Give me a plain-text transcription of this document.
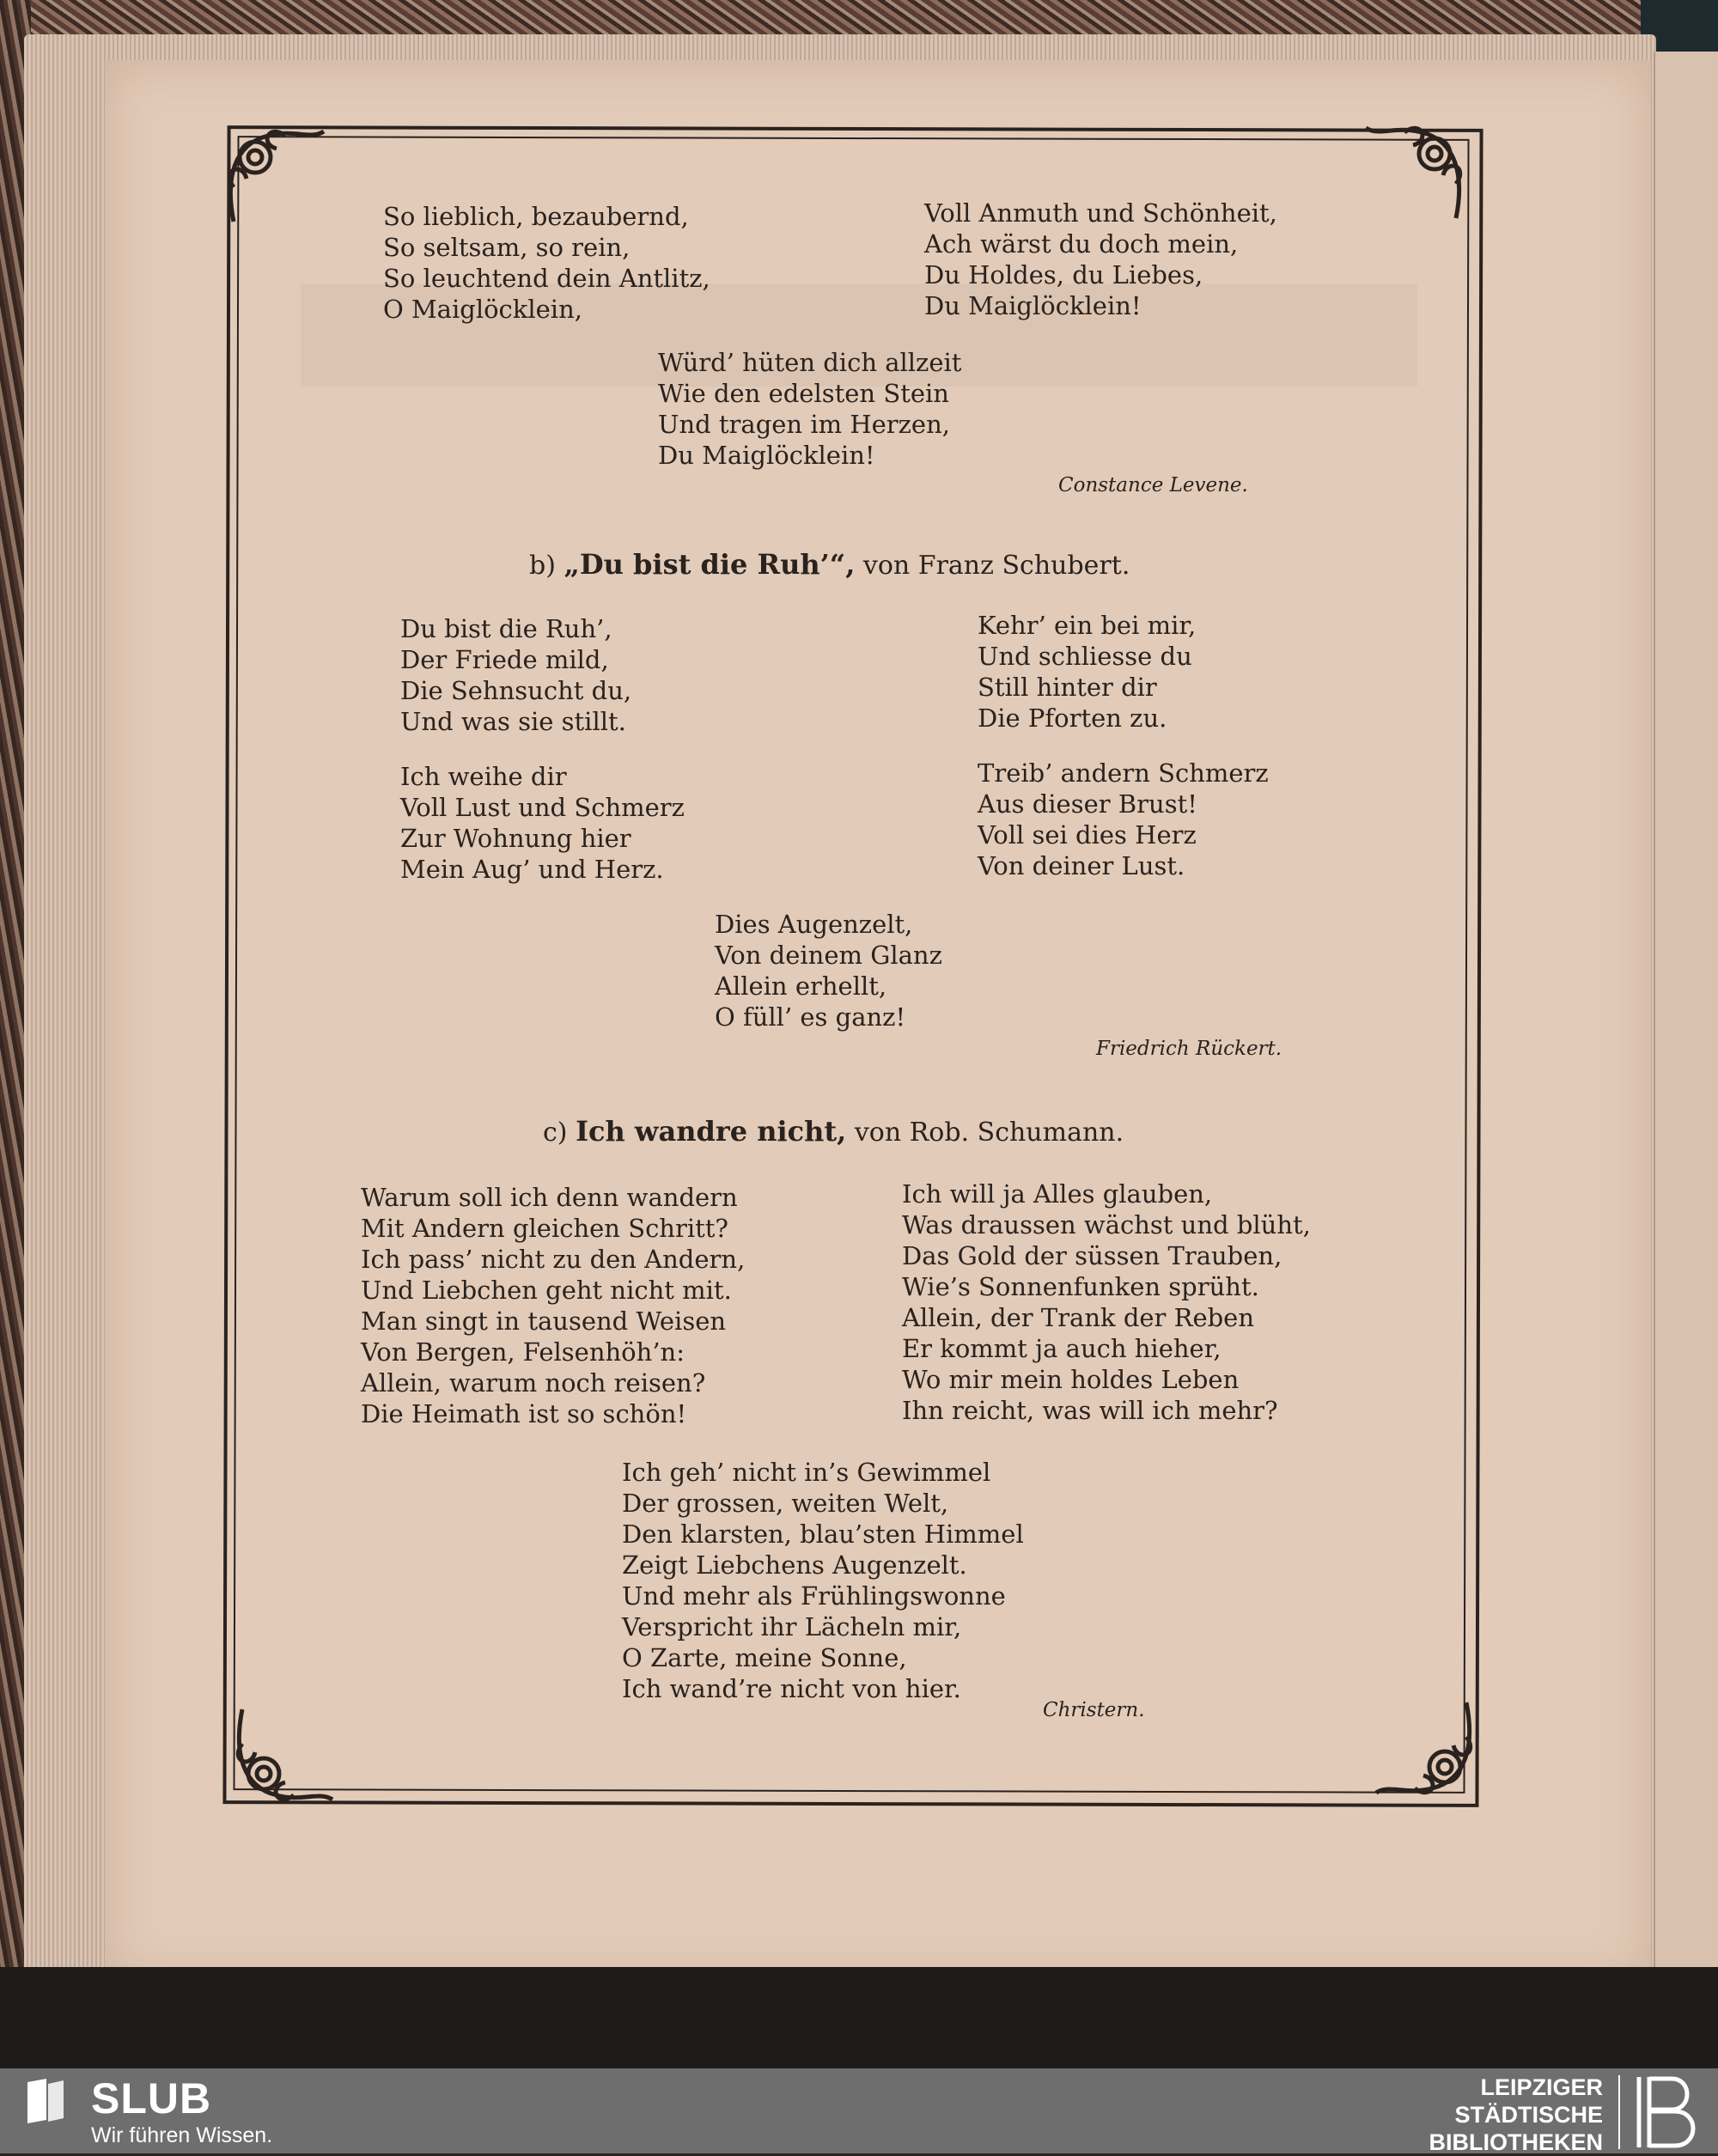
So lieblich, bezaubernd,
So seltsam, so rein,
So leuchtend dein Antlitz,
O Maiglöcklein,
Voll Anmuth und Schönheit,
Ach wärst du doch mein,
Du Holdes, du Liebes,
Du Maiglöcklein!
Würd’ hüten dich allzeit
Wie den edelsten Stein
Und tragen im Herzen,
Du Maiglöcklein!
Constance Levene.
b) „Du bist die Ruh’“, von Franz Schubert.
Du bist die Ruh’,
Der Friede mild,
Die Sehnsucht du,
Und was sie stillt.
Kehr’ ein bei mir,
Und schliesse du
Still hinter dir
Die Pforten zu.
Ich weihe dir
Voll Lust und Schmerz
Zur Wohnung hier
Mein Aug’ und Herz.
Treib’ andern Schmerz
Aus dieser Brust!
Voll sei dies Herz
Von deiner Lust.
Dies Augenzelt,
Von deinem Glanz
Allein erhellt,
O füll’ es ganz!
Friedrich Rückert.
c) Ich wandre nicht, von Rob. Schumann.
Warum soll ich denn wandern
Mit Andern gleichen Schritt?
Ich pass’ nicht zu den Andern,
Und Liebchen geht nicht mit.
Man singt in tausend Weisen
Von Bergen, Felsenhöh’n:
Allein, warum noch reisen?
Die Heimath ist so schön!
Ich will ja Alles glauben,
Was draussen wächst und blüht,
Das Gold der süssen Trauben,
Wie’s Sonnenfunken sprüht.
Allein, der Trank der Reben
Er kommt ja auch hieher,
Wo mir mein holdes Leben
Ihn reicht, was will ich mehr?
Ich geh’ nicht in’s Gewimmel
Der grossen, weiten Welt,
Den klarsten, blau’sten Himmel
Zeigt Liebchens Augenzelt.
Und mehr als Frühlingswonne
Verspricht ihr Lächeln mir,
O Zarte, meine Sonne,
Ich wand’re nicht von hier.
Christern.
SLUB
Wir führen Wissen.
LEIPZIGER
STÄDTISCHE
BIBLIOTHEKEN
